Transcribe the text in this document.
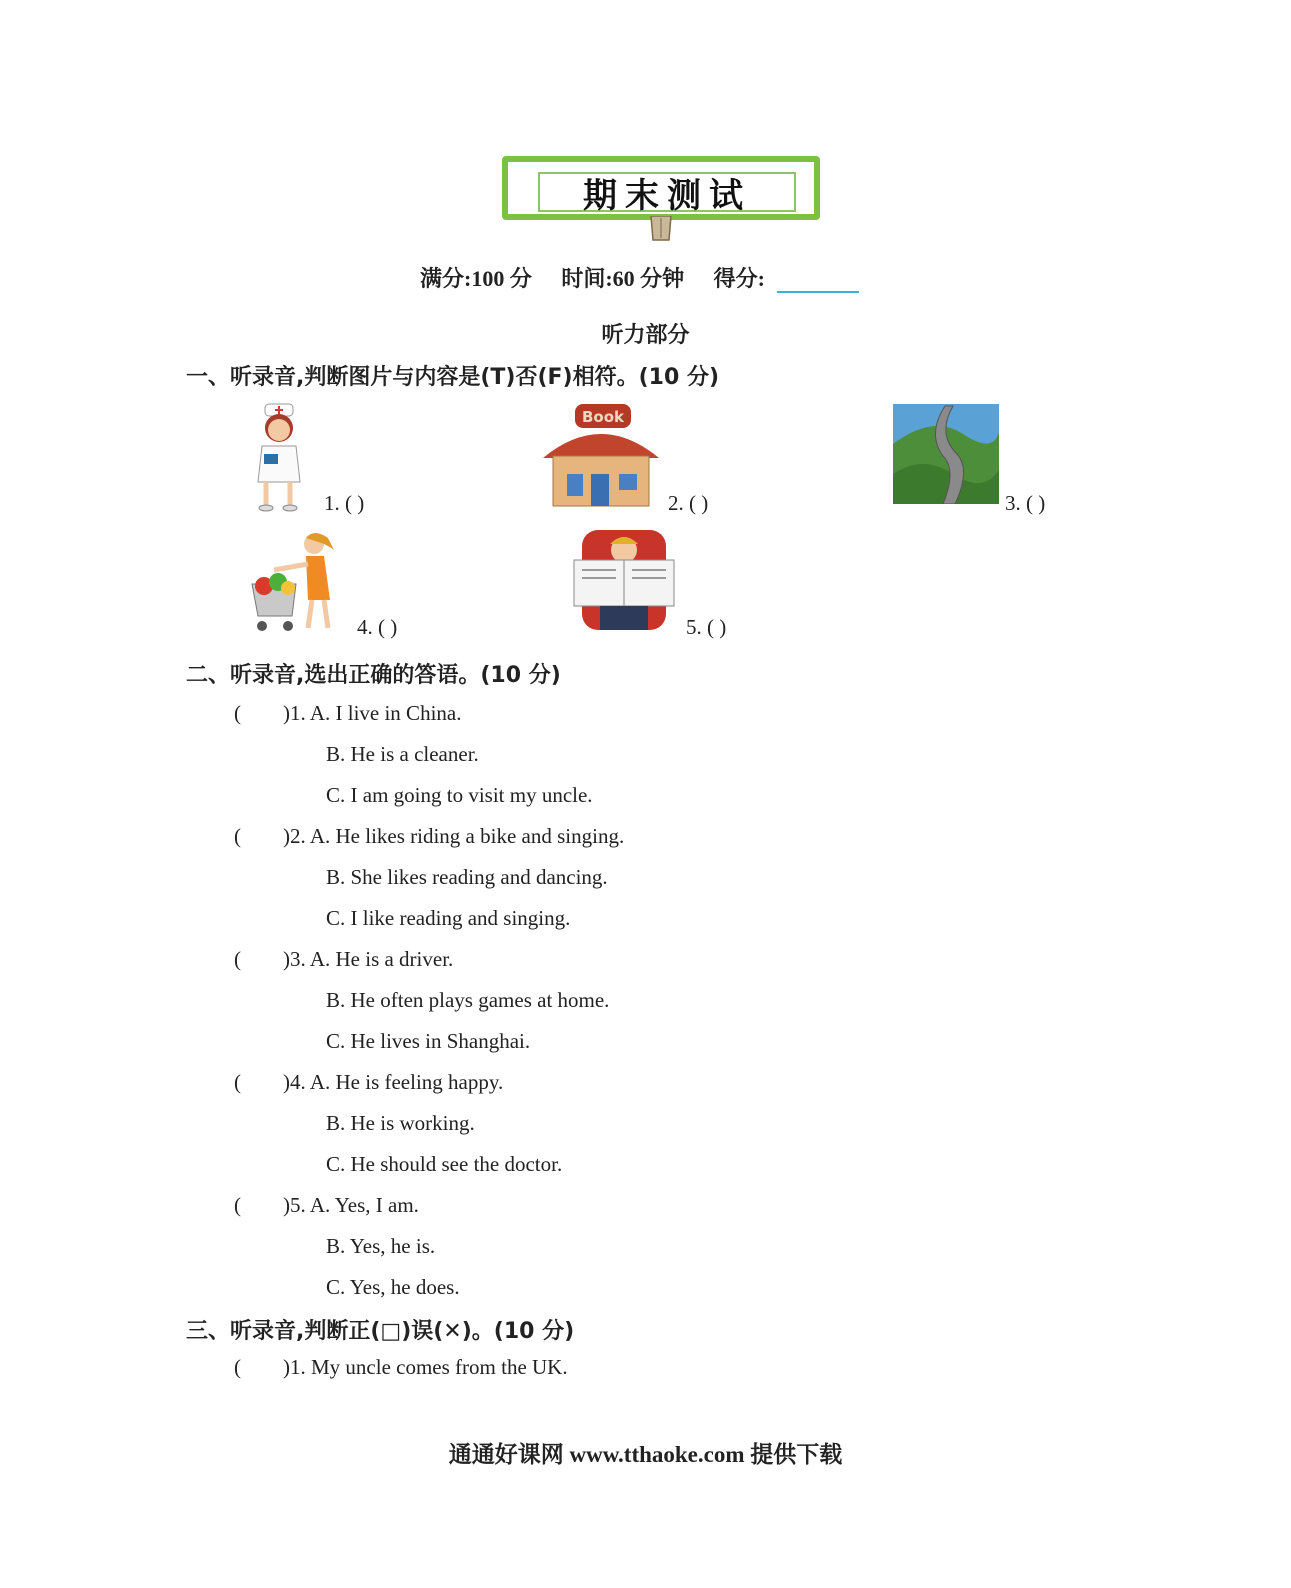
期末测试
满分:100 分 时间:60 分钟 得分:
听力部分
一、听录音,判断图片与内容是(T)否(F)相符。(10 分)
1. ( )
Book
2. ( )	3. ( )
4. ( )	5. ( )
二、听录音,选出正确的答语。(10 分)
(        )1. A. I live in China.
B. He is a cleaner.
C. I am going to visit my uncle.
(        )2. A. He likes riding a bike and singing.
B. She likes reading and dancing.
C. I like reading and singing.
(        )3. A. He is a driver.
B. He often plays games at home.
C. He lives in Shanghai.
(        )4. A. He is feeling happy.
B. He is working.
C. He should see the doctor.
(        )5. A. Yes, I am.
B. Yes, he is.
C. Yes, he does.
三、听录音,判断正(□)误(✕)。(10 分)
(        )1. My uncle comes from the UK.
通通好课网 www.tthaoke.com 提供下载
